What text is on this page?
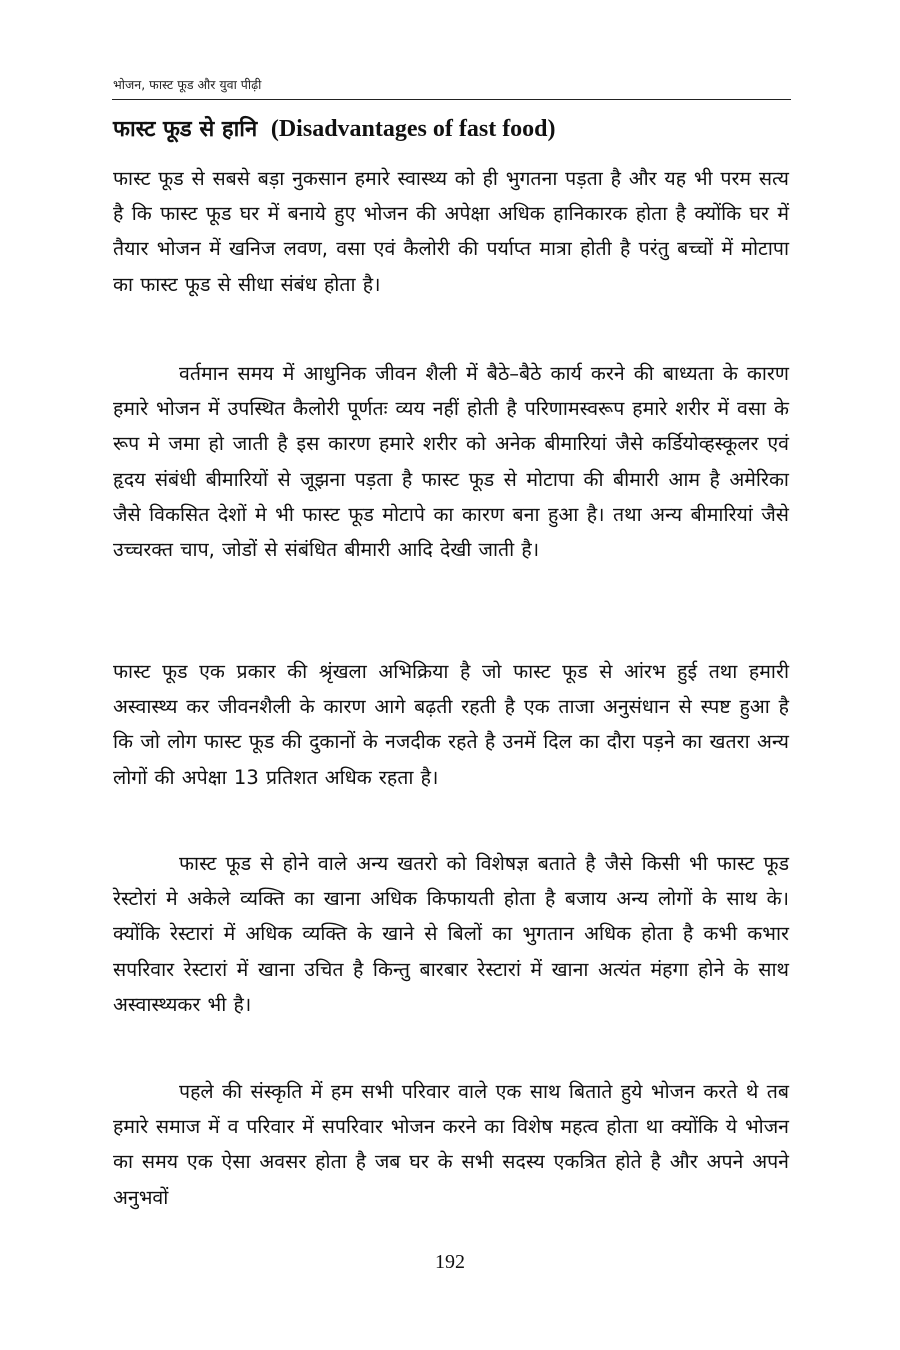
भोजन, फास्ट फूड और युवा पीढ़ी
फास्ट फूड से हानि (Disadvantages of fast food)

फास्ट फूड से सबसे बड़ा नुकसान हमारे स्वास्थ्य को ही भुगतना पड़ता है और यह भी परम सत्य है कि फास्ट फूड घर में बनाये हुए भोजन की अपेक्षा अधिक हानिकारक होता है क्योंकि घर में तैयार भोजन में खनिज लवण, वसा एवं कैलोरी की पर्याप्त मात्रा होती है परंतु बच्चों में मोटापा का फास्ट फूड से सीधा संबंध होता है।

वर्तमान समय में आधुनिक जीवन शैली में बैठे–बैठे कार्य करने की बाध्यता के कारण हमारे भोजन में उपस्थित कैलोरी पूर्णतः व्यय नहीं होती है परिणामस्वरूप हमारे शरीर में वसा के रूप मे जमा हो जाती है इस कारण हमारे शरीर को अनेक बीमारियां जैसे कर्डियोव्हस्कूलर एवं हृदय संबंधी बीमारियों से जूझना पड़ता है फास्ट फूड से मोटापा की बीमारी आम है अमेरिका जैसे विकसित देशों मे भी फास्ट फूड मोटापे का कारण बना हुआ है। तथा अन्य बीमारियां जैसे उच्चरक्त चाप, जोडों से संबंधित बीमारी आदि देखी जाती है।

फास्ट फूड एक प्रकार की श्रृंखला अभिक्रिया है जो फास्ट फूड से आंरभ हुई तथा हमारी अस्वास्थ्य कर जीवनशैली के कारण आगे बढ़ती रहती है एक ताजा अनुसंधान से स्पष्ट हुआ है कि जो लोग फास्ट फूड की दुकानों के नजदीक रहते है उनमें दिल का दौरा पड़ने का खतरा अन्य लोगों की अपेक्षा 13 प्रतिशत अधिक रहता है।

फास्ट फूड से होने वाले अन्य खतरो को विशेषज्ञ बताते है जैसे किसी भी फास्ट फूड रेस्टोरां मे अकेले व्यक्ति का खाना अधिक किफायती होता है बजाय अन्य लोगों के साथ के। क्योंकि रेस्टारां में अधिक व्यक्ति के खाने से बिलों का भुगतान अधिक होता है कभी कभार सपरिवार रेस्टारां में खाना उचित है किन्तु बारबार रेस्टारां में खाना अत्यंत मंहगा होने के साथ अस्वास्थ्यकर भी है।

पहले की संस्कृति में हम सभी परिवार वाले एक साथ बिताते हुये भोजन करते थे तब हमारे समाज में व परिवार में सपरिवार भोजन करने का विशेष महत्व होता था क्योंकि ये भोजन का समय एक ऐसा अवसर होता है जब घर के सभी सदस्य एकत्रित होते है और अपने अपने अनुभवों

192
